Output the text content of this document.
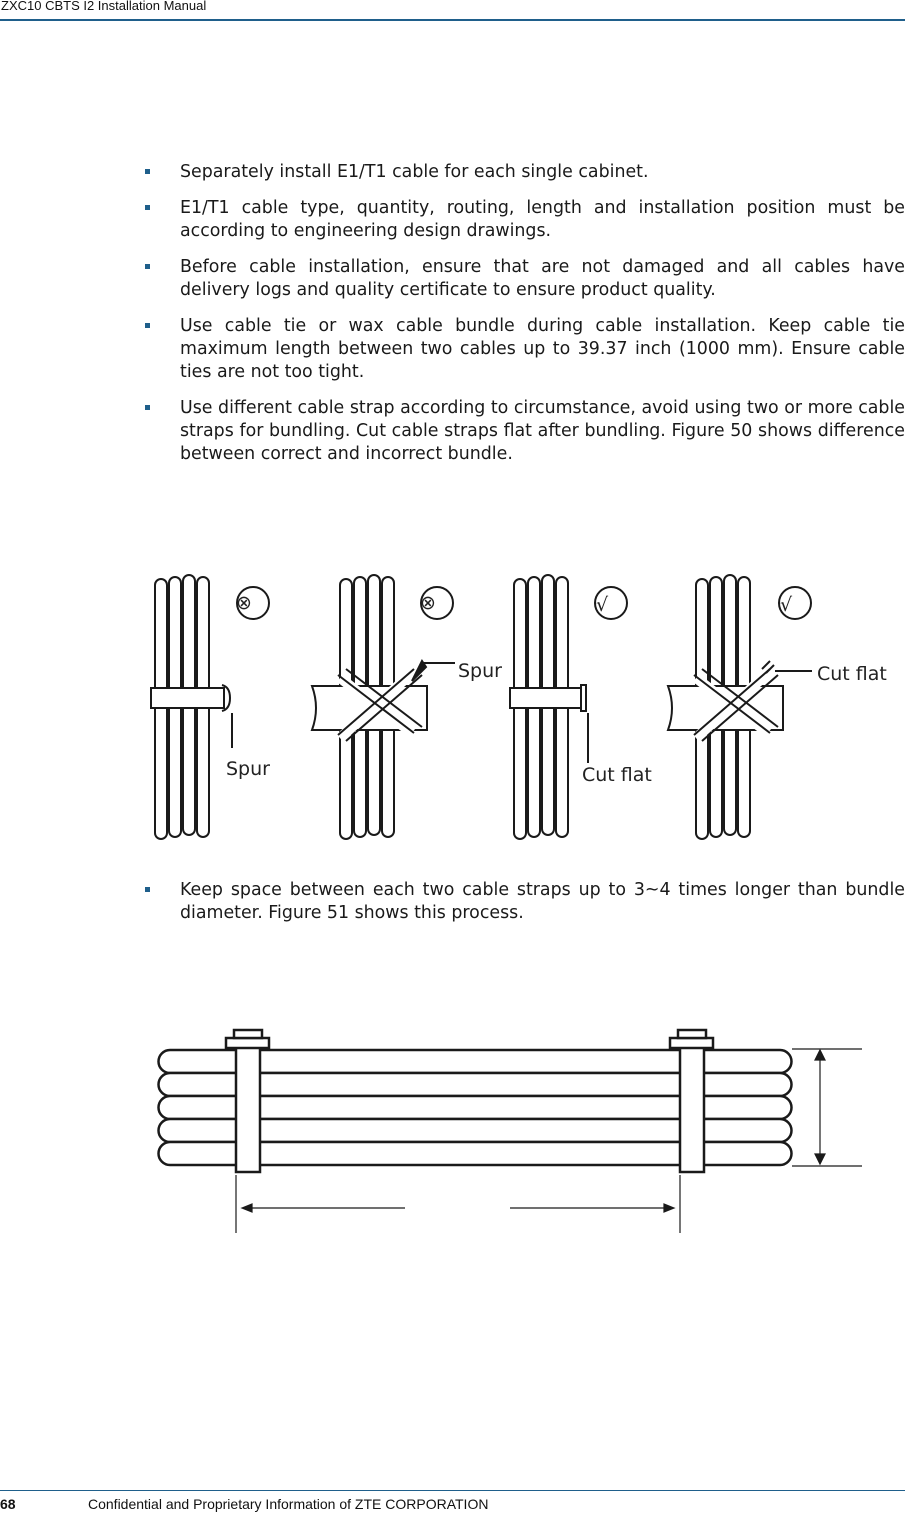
ZXC10 CBTS I2 Installation Manual
Separately install E1/T1 cable for each single cabinet.
E1/T1 cable type, quantity, routing, length and installation position must be according to engineering design drawings.
Before cable installation, ensure that are not damaged and all cables have delivery logs and quality certificate to ensure product quality.
Use cable tie or wax cable bundle during cable installation. Keep cable tie maximum length between two cables up to 39.37 inch (1000 mm). Ensure cable ties are not too tight.
Use different cable strap according to circumstance, avoid using two or more cable straps for bundling. Cut cable straps flat after bundling. Figure 50 shows difference between correct and incorrect bundle.
⊗	⊗	√	√
Spur
Spur
Cut flat
Cut flat
Keep space between each two cable straps up to 3~4 times longer than bundle diameter. Figure 51 shows this process.
68	Confidential and Proprietary Information of ZTE CORPORATION
